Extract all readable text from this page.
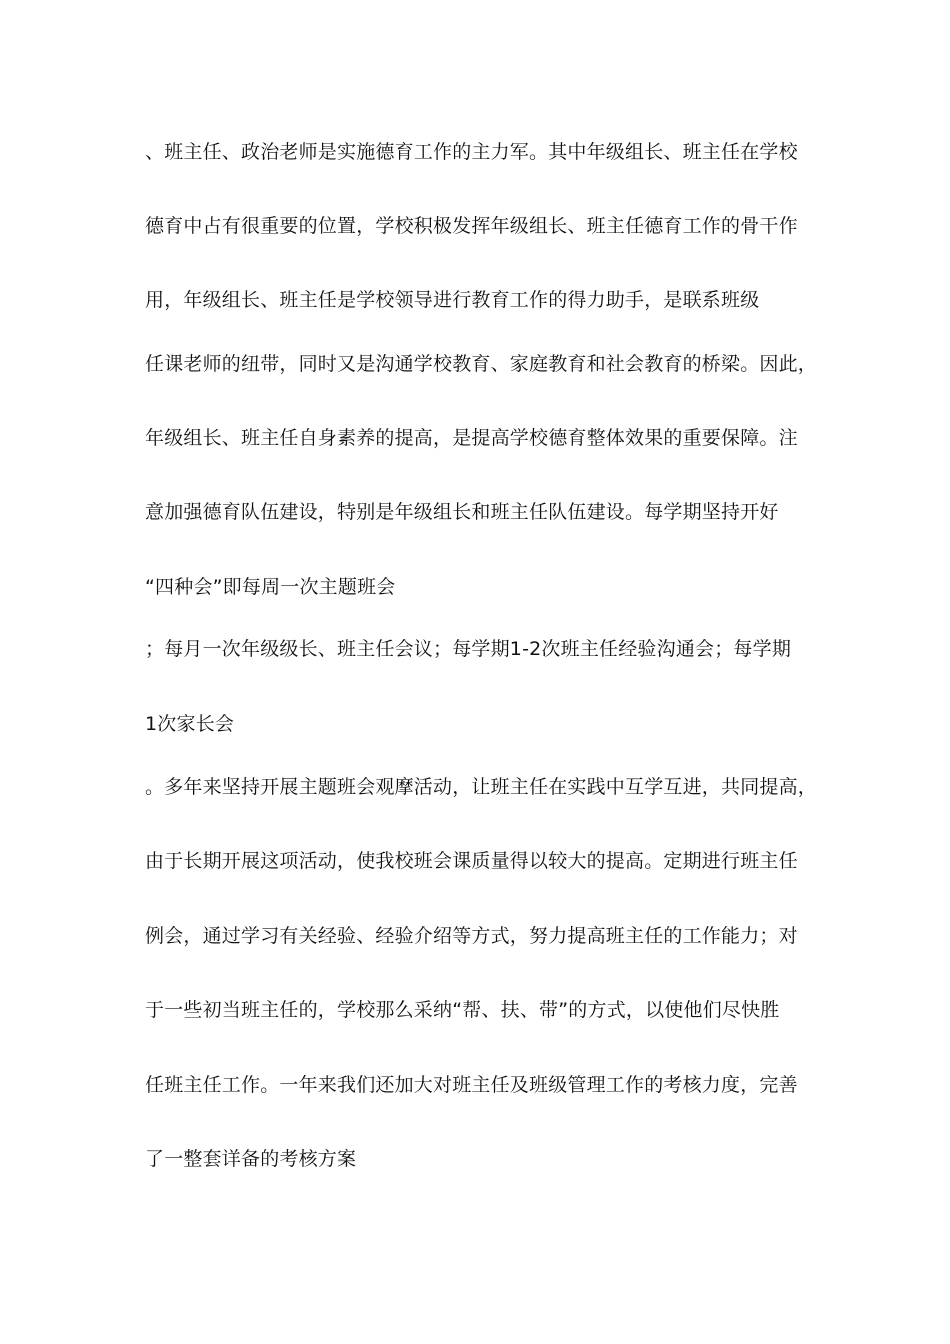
、班主任、政治老师是实施德育工作的主力军。其中年级组长、班主任在学校
德育中占有很重要的位置，学校积极发挥年级组长、班主任德育工作的骨干作
用，年级组长、班主任是学校领导进行教育工作的得力助手，是联系班级
任课老师的纽带，同时又是沟通学校教育、家庭教育和社会教育的桥梁。因此，
年级组长、班主任自身素养的提高，是提高学校德育整体效果的重要保障。注
意加强德育队伍建设，特别是年级组长和班主任队伍建设。每学期坚持开好
“四种会”即每周一次主题班会
；每月一次年级级长、班主任会议；每学期1-2次班主任经验沟通会；每学期
1次家长会
。多年来坚持开展主题班会观摩活动，让班主任在实践中互学互进，共同提高，
由于长期开展这项活动，使我校班会课质量得以较大的提高。定期进行班主任
例会，通过学习有关经验、经验介绍等方式，努力提高班主任的工作能力；对
于一些初当班主任的，学校那么采纳“帮、扶、带”的方式，以使他们尽快胜
任班主任工作。一年来我们还加大对班主任及班级管理工作的考核力度，完善
了一整套详备的考核方案
